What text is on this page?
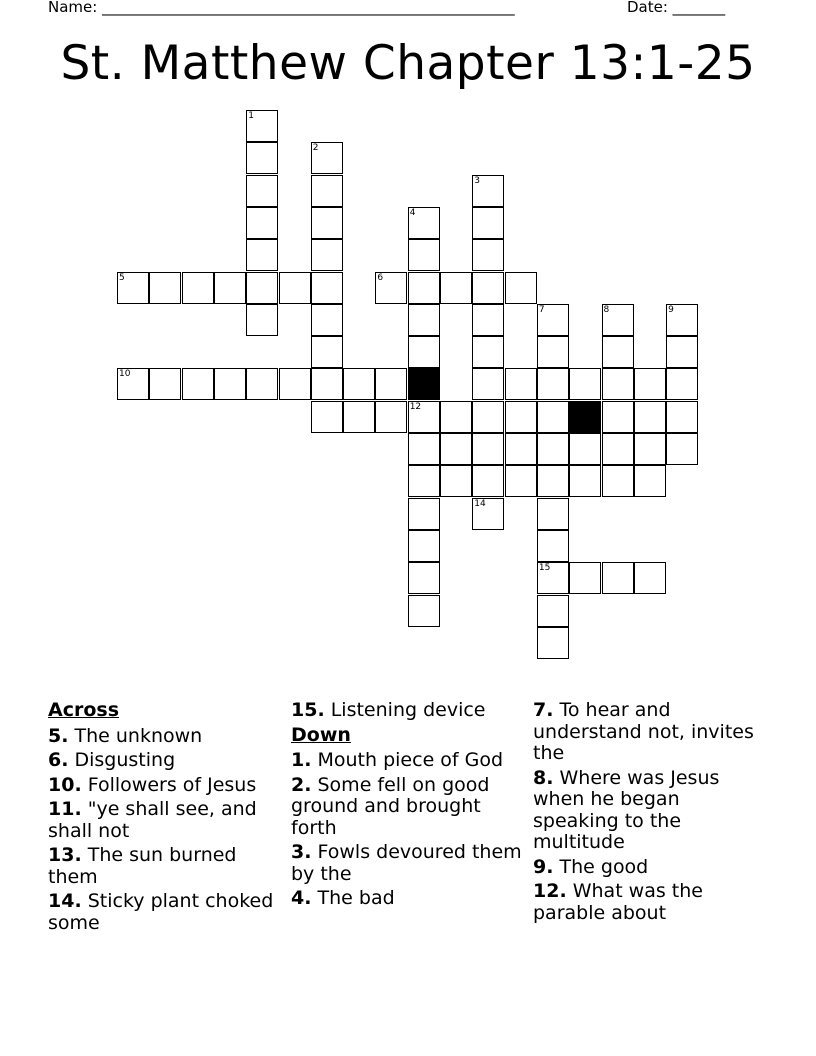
Name: _______________________________________________________	Date: _______
St. Matthew Chapter 13:1-25
1
2
3
14
4
12
5	6
7
15
8	9
10
Across
5. The unknown
6. Disgusting
10. Followers of Jesus
11. "ye shall see, and shall not
13. The sun burned them
14. Sticky plant choked some
15. Listening device
Down
1. Mouth piece of God
2. Some fell on good ground and brought forth
3. Fowls devoured them by the
4. The bad
7. To hear and understand not, invites the
8. Where was Jesus when he began speaking to the multitude
9. The good
12. What was the parable about
